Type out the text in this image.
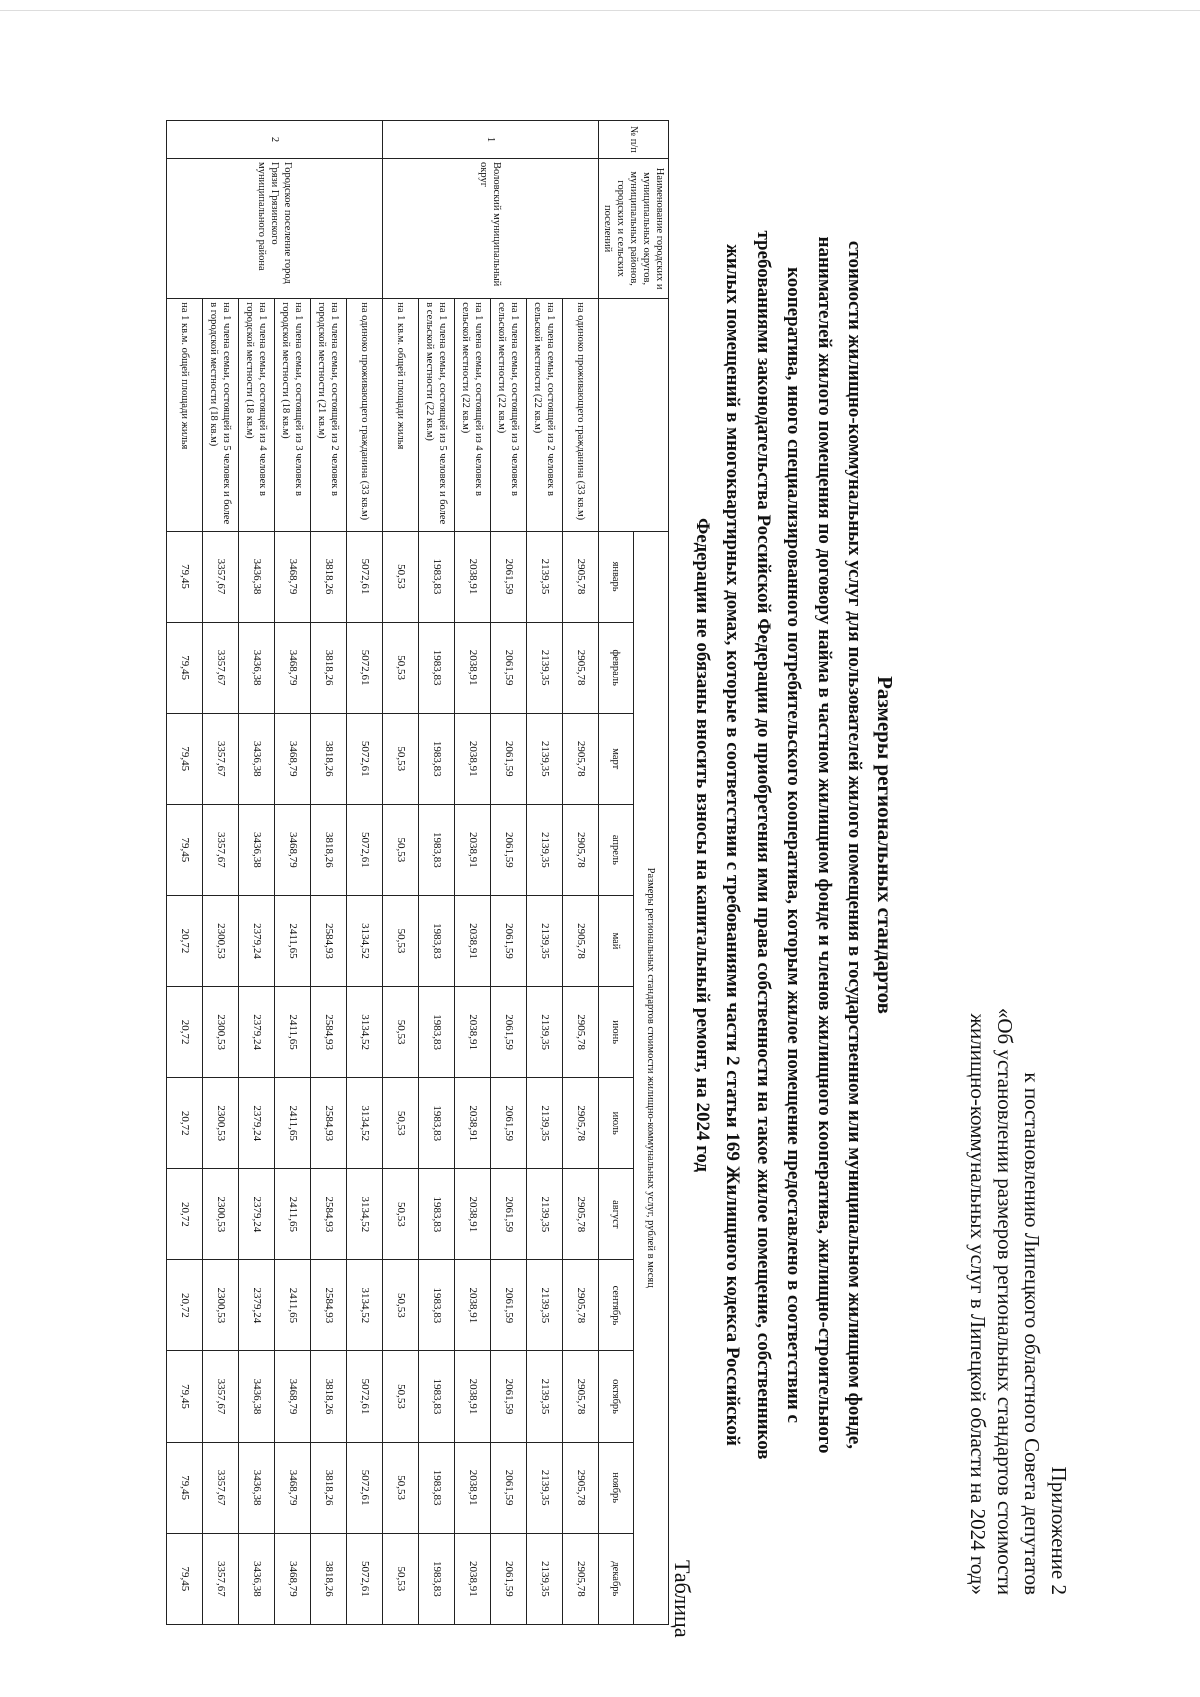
Приложение 2
к постановлению Липецкого областного Совета депутатов
«Об установлении размеров региональных стандартов стоимости
жилищно-коммунальных услуг в Липецкой области на 2024 год»
Размеры региональных стандартов
стоимости жилищно-коммунальных услуг для пользователей жилого помещения в государственном или муниципальном жилищном фонде,
нанимателей жилого помещения по договору найма в частном жилищном фонде и членов жилищного кооператива, жилищно-строительного
кооператива, иного специализированного потребительского кооператива, которым жилое помещение предоставлено в соответствии с
требованиями законодательства Российской Федерации до приобретения ими права собственности на такое жилое помещение, собственников
жилых помещений в многоквартирных домах, которые в соответствии с требованиями части 2 статьи 169 Жилищного кодекса Российской
Федерации не обязаны вносить взносы на капитальный ремонт, на 2024 год
Таблица
№ п/п	Наименование городских и муниципальных округов, муниципальных районов, городских и сельских поселений		Размеры региональных стандартов стоимости жилищно-коммунальных услуг, рублей в месяц											
			январь	февраль	март	апрель	май	июнь	июль	август	сентябрь	октябрь	ноябрь	декабрь
1	Воловский муниципальный округ	на одиноко проживающего гражданина (33 кв.м)	2905,78	2905,78	2905,78	2905,78	2905,78	2905,78	2905,78	2905,78	2905,78	2905,78	2905,78	2905,78
		на 1 члена семьи, состоящей из 2 человек в сельской местности (22 кв.м)	2139,35	2139,35	2139,35	2139,35	2139,35	2139,35	2139,35	2139,35	2139,35	2139,35	2139,35	2139,35
		на 1 члена семьи, состоящей из 3 человек в сельской местности (22 кв.м)	2061,59	2061,59	2061,59	2061,59	2061,59	2061,59	2061,59	2061,59	2061,59	2061,59	2061,59	2061,59
		на 1 члена семьи, состоящей из 4 человек в сельской местности (22 кв.м)	2038,91	2038,91	2038,91	2038,91	2038,91	2038,91	2038,91	2038,91	2038,91	2038,91	2038,91	2038,91
		на 1 члена семьи, состоящей из 5 человек и более в сельской местности (22 кв.м)	1983,83	1983,83	1983,83	1983,83	1983,83	1983,83	1983,83	1983,83	1983,83	1983,83	1983,83	1983,83
		на 1 кв.м. общей площади жилья	50,53	50,53	50,53	50,53	50,53	50,53	50,53	50,53	50,53	50,53	50,53	50,53
2	Городское поселение город Грязи Грязинского муниципального района	на одиноко проживающего гражданина (33 кв.м)	5072,61	5072,61	5072,61	5072,61	3134,52	3134,52	3134,52	3134,52	3134,52	5072,61	5072,61	5072,61
		на 1 члена семьи, состоящей из 2 человек в городской местности (21 кв.м)	3818,26	3818,26	3818,26	3818,26	2584,93	2584,93	2584,93	2584,93	2584,93	3818,26	3818,26	3818,26
		на 1 члена семьи, состоящей из 3 человек в городской местности (18 кв.м)	3468,79	3468,79	3468,79	3468,79	2411,65	2411,65	2411,65	2411,65	2411,65	3468,79	3468,79	3468,79
		на 1 члена семьи, состоящей из 4 человек в городской местности (18 кв.м)	3436,38	3436,38	3436,38	3436,38	2379,24	2379,24	2379,24	2379,24	2379,24	3436,38	3436,38	3436,38
		на 1 члена семьи, состоящей из 5 человек и более в городской местности (18 кв.м)	3357,67	3357,67	3357,67	3357,67	2300,53	2300,53	2300,53	2300,53	2300,53	3357,67	3357,67	3357,67
		на 1 кв.м. общей площади жилья	79,45	79,45	79,45	79,45	20,72	20,72	20,72	20,72	20,72	79,45	79,45	79,45
